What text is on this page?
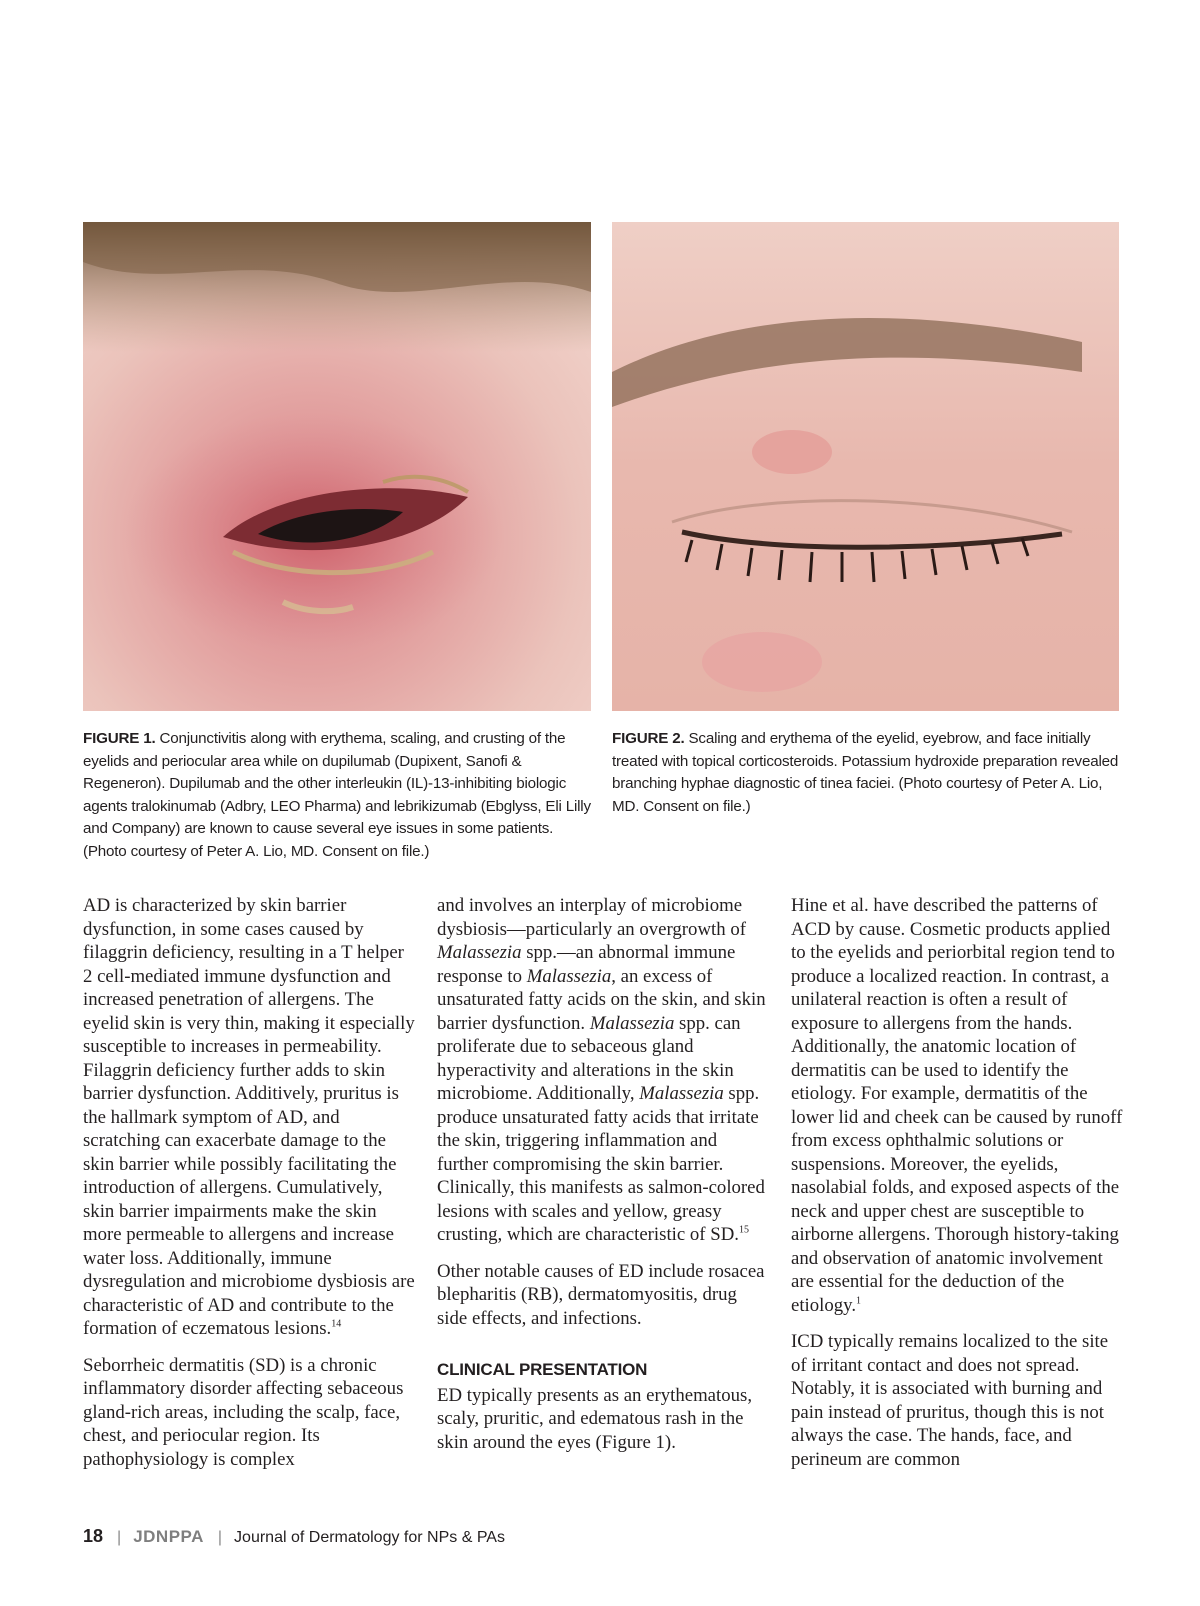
FIGURE 1. Conjunctivitis along with erythema, scaling, and crusting of the eyelids and periocular area while on dupilumab (Dupixent, Sanofi & Regeneron). Dupilumab and the other interleukin (IL)-13-inhibiting biologic agents tralokinumab (Adbry, LEO Pharma) and lebrikizumab (Ebglyss, Eli Lilly and Company) are known to cause several eye issues in some patients. (Photo courtesy of Peter A. Lio, MD. Consent on file.)
FIGURE 2. Scaling and erythema of the eyelid, eyebrow, and face initially treated with topical corticosteroids. Potassium hydroxide preparation revealed branching hyphae diagnostic of tinea faciei. (Photo courtesy of Peter A. Lio, MD. Consent on file.)

AD is characterized by skin barrier dysfunction, in some cases caused by filaggrin deficiency, resulting in a T helper 2 cell-mediated immune dysfunction and increased penetration of allergens. The eyelid skin is very thin, making it especially susceptible to increases in permeability. Filaggrin deficiency further adds to skin barrier dysfunction. Additively, pruritus is the hallmark symptom of AD, and scratching can exacerbate damage to the skin barrier while possibly facilitating the introduction of allergens. Cumulatively, skin barrier impairments make the skin more permeable to allergens and increase water loss. Additionally, immune dysregulation and microbiome dysbiosis are characteristic of AD and contribute to the formation of eczematous lesions.$^{14}$

Seborrheic dermatitis (SD) is a chronic inflammatory disorder affecting sebaceous gland-rich areas, including the scalp, face, chest, and periocular region. Its pathophysiology is complex

and involves an interplay of microbiome dysbiosis—particularly an overgrowth of Malassezia spp.—an abnormal immune response to Malassezia, an excess of unsaturated fatty acids on the skin, and skin barrier dysfunction. Malassezia spp. can proliferate due to sebaceous gland hyperactivity and alterations in the skin microbiome. Additionally, Malassezia spp. produce unsaturated fatty acids that irritate the skin, triggering inflammation and further compromising the skin barrier. Clinically, this manifests as salmon-colored lesions with scales and yellow, greasy crusting, which are characteristic of SD.$^{15}$

Other notable causes of ED include rosacea blepharitis (RB), dermatomyositis, drug side effects, and infections.

CLINICAL PRESENTATION

ED typically presents as an erythematous, scaly, pruritic, and edematous rash in the skin around the eyes (Figure 1).

Hine et al. have described the patterns of ACD by cause. Cosmetic products applied to the eyelids and periorbital region tend to produce a localized reaction. In contrast, a unilateral reaction is often a result of exposure to allergens from the hands. Additionally, the anatomic location of dermatitis can be used to identify the etiology. For example, dermatitis of the lower lid and cheek can be caused by runoff from excess ophthalmic solutions or suspensions. Moreover, the eyelids, nasolabial folds, and exposed aspects of the neck and upper chest are susceptible to airborne allergens. Thorough history-taking and observation of anatomic involvement are essential for the deduction of the etiology.$^1$

ICD typically remains localized to the site of irritant contact and does not spread. Notably, it is associated with burning and pain instead of pruritus, though this is not always the case. The hands, face, and perineum are common

18 | JDNPPA | Journal of Dermatology for NPs & PAs
